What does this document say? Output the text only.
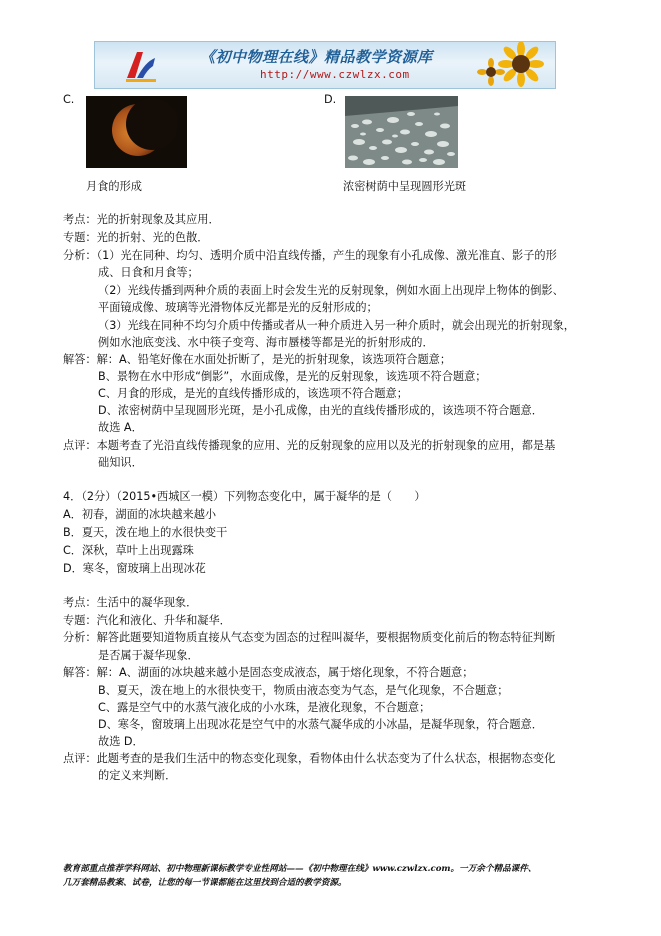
《初中物理在线》精品教学资源库
http://www.czwlzx.com
C.	D.
月食的形成	浓密树荫中呈现圆形光斑
考点：光的折射现象及其应用．
专题：光的折射、光的色散．
分析：（1）光在同种、均匀、透明介质中沿直线传播，产生的现象有小孔成像、激光准直、影子的形
成、日食和月食等；
（2）光线传播到两种介质的表面上时会发生光的反射现象，例如水面上出现岸上物体的倒影、
平面镜成像、玻璃等光滑物体反光都是光的反射形成的；
（3）光线在同种不均匀介质中传播或者从一种介质进入另一种介质时，就会出现光的折射现象，
例如水池底变浅、水中筷子变弯、海市蜃楼等都是光的折射形成的．
解答：解：A、铅笔好像在水面处折断了，是光的折射现象，该选项符合题意；
B、景物在水中形成“倒影”，水面成像，是光的反射现象，该选项不符合题意；
C、月食的形成，是光的直线传播形成的，该选项不符合题意；
D、浓密树荫中呈现圆形光斑，是小孔成像，由光的直线传播形成的，该选项不符合题意．
故选 A．
点评：本题考查了光沿直线传播现象的应用、光的反射现象的应用以及光的折射现象的应用，都是基
础知识．
4．（2分）（2015•西城区一模）下列物态变化中，属于凝华的是（　　）
A．初春，湖面的冰块越来越小
B．夏天，泼在地上的水很快变干
C．深秋，草叶上出现露珠
D．寒冬，窗玻璃上出现冰花
考点：生活中的凝华现象．
专题：汽化和液化、升华和凝华．
分析：解答此题要知道物质直接从气态变为固态的过程叫凝华，要根据物质变化前后的物态特征判断
是否属于凝华现象．
解答：解：A、湖面的冰块越来越小是固态变成液态，属于熔化现象，不符合题意；
B、夏天，泼在地上的水很快变干，物质由液态变为气态，是气化现象，不合题意；
C、露是空气中的水蒸气液化成的小水珠，是液化现象，不合题意；
D、寒冬，窗玻璃上出现冰花是空气中的水蒸气凝华成的小冰晶，是凝华现象，符合题意．
故选 D．
点评：此题考查的是我们生活中的物态变化现象，看物体由什么状态变为了什么状态，根据物态变化
的定义来判断．
教育部重点推荐学科网站、初中物理新课标教学专业性网站——《初中物理在线》www.czwlzx.com。一万余个精品课件、
几万套精品教案、试卷，让您的每一节课都能在这里找到合适的教学资源。
